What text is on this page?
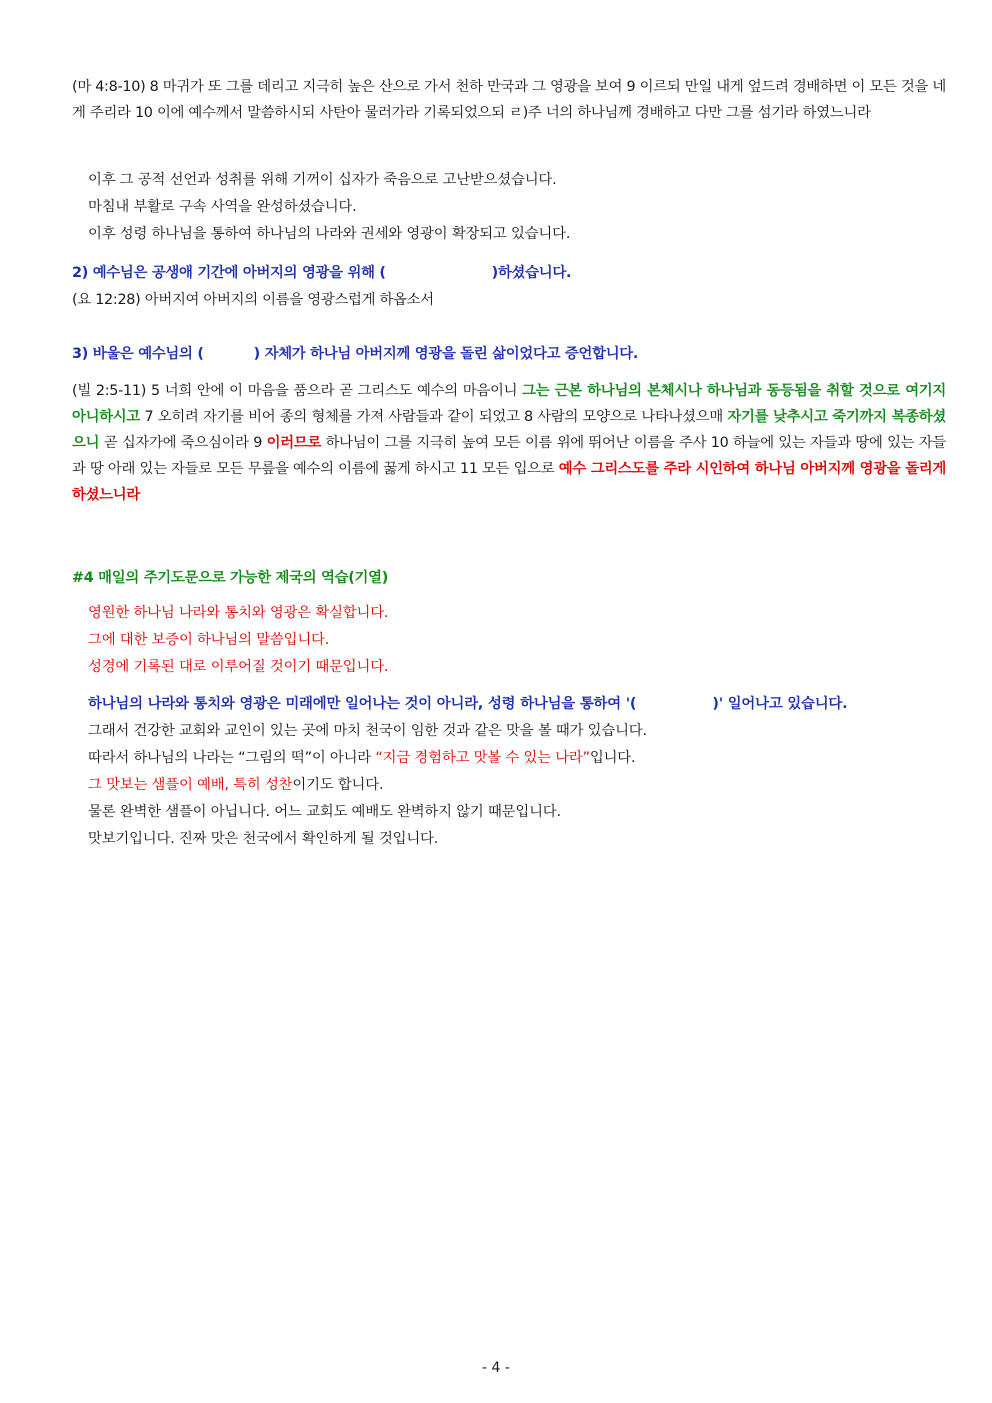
(마 4:8-10) 8 마귀가 또 그를 데리고 지극히 높은 산으로 가서 천하 만국과 그 영광을 보여 9 이르되 만일 내게 엎드려 경배하면 이 모든 것을 네게 주리라 10 이에 예수께서 말씀하시되 사탄아 물러가라 기록되었으되 ㄹ)주 너의 하나님께 경배하고 다만 그를 섬기라 하였느니라
이후 그 공적 선언과 성취를 위해 기꺼이 십자가 죽음으로 고난받으셨습니다.
마침내 부활로 구속 사역을 완성하셨습니다.
이후 성령 하나님을 통하여 하나님의 나라와 권세와 영광이 확장되고 있습니다.
2) 예수님은 공생애 기간에 아버지의 영광을 위해 (	)하셨습니다.
(요 12:28) 아버지여 아버지의 이름을 영광스럽게 하옵소서
3) 바울은 예수님의 (	) 자체가 하나님 아버지께 영광을 돌린 삶이었다고 증언합니다.
(빌 2:5-11) 5 너희 안에 이 마음을 품으라 곧 그리스도 예수의 마음이니 그는 근본 하나님의 본체시나 하나님과 동등됨을 취할 것으로 여기지 아니하시고 7 오히려 자기를 비어 종의 형체를 가져 사람들과 같이 되었고 8 사람의 모양으로 나타나셨으매 자기를 낮추시고 죽기까지 복종하셨으니 곧 십자가에 죽으심이라 9 이러므로 하나님이 그를 지극히 높여 모든 이름 위에 뛰어난 이름을 주사 10 하늘에 있는 자들과 땅에 있는 자들과 땅 아래 있는 자들로 모든 무릎을 예수의 이름에 꿇게 하시고 11 모든 입으로 예수 그리스도를 주라 시인하여 하나님 아버지께 영광을 돌리게 하셨느니라
#4 매일의 주기도문으로 가능한 제국의 역습(기열)
영원한 하나님 나라와 통치와 영광은 확실합니다.
그에 대한 보증이 하나님의 말씀입니다.
성경에 기록된 대로 이루어질 것이기 때문입니다.
하나님의 나라와 통치와 영광은 미래에만 일어나는 것이 아니라, 성령 하나님을 통하여 '(	)' 일어나고 있습니다.
그래서 건강한 교회와 교인이 있는 곳에 마치 천국이 임한 것과 같은 맛을 볼 때가 있습니다.
따라서 하나님의 나라는 “그림의 떡”이 아니라 “지금 경험하고 맛볼 수 있는 나라”입니다.
그 맛보는 샘플이 예배, 특히 성찬이기도 합니다.
물론 완벽한 샘플이 아닙니다. 어느 교회도 예배도 완벽하지 않기 때문입니다.
맛보기입니다. 진짜 맛은 천국에서 확인하게 될 것입니다.
- 4 -
